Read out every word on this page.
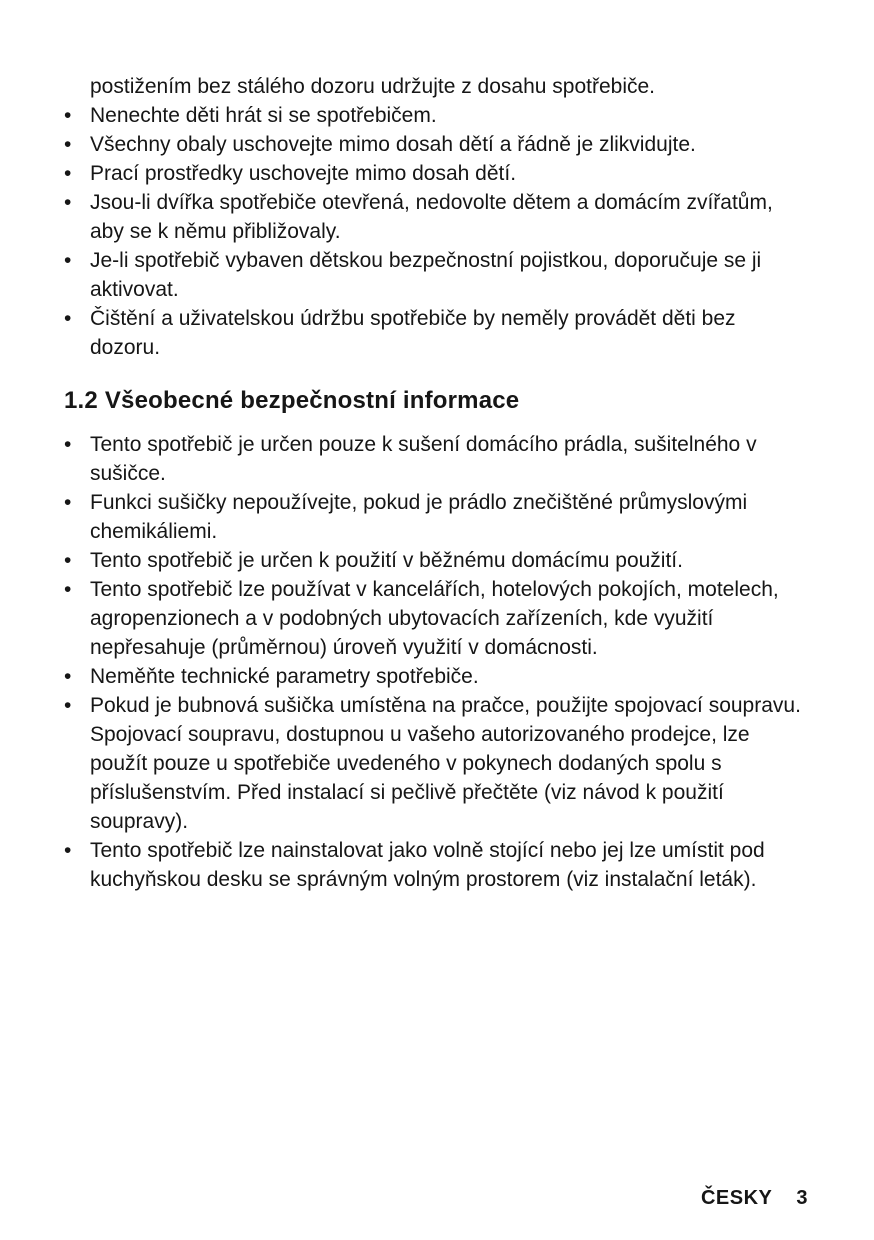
postižením bez stálého dozoru udržujte z dosahu spotřebiče.

• Nenechte děti hrát si se spotřebičem.
• Všechny obaly uschovejte mimo dosah dětí a řádně je zlikvidujte.
• Prací prostředky uschovejte mimo dosah dětí.
• Jsou-li dvířka spotřebiče otevřená, nedovolte dětem a domácím zvířatům, aby se k němu přibližovaly.
• Je-li spotřebič vybaven dětskou bezpečnostní pojistkou, doporučuje se ji aktivovat.
• Čištění a uživatelskou údržbu spotřebiče by neměly provádět děti bez dozoru.
1.2 Všeobecné bezpečnostní informace
• Tento spotřebič je určen pouze k sušení domácího prádla, sušitelného v sušičce.
• Funkci sušičky nepoužívejte, pokud je prádlo znečištěné průmyslovými chemikáliemi.
• Tento spotřebič je určen k použití v běžnému domácímu použití.
• Tento spotřebič lze používat v kancelářích, hotelových pokojích, motelech, agropenzionech a v podobných ubytovacích zařízeních, kde využití nepřesahuje (průměrnou) úroveň využití v domácnosti.
• Neměňte technické parametry spotřebiče.
• Pokud je bubnová sušička umístěna na pračce, použijte spojovací soupravu. Spojovací soupravu, dostupnou u vašeho autorizovaného prodejce, lze použít pouze u spotřebiče uvedeného v pokynech dodaných spolu s příslušenstvím. Před instalací si pečlivě přečtěte (viz návod k použití soupravy).
• Tento spotřebič lze nainstalovat jako volně stojící nebo jej lze umístit pod kuchyňskou desku se správným volným prostorem (viz instalační leták).
ČESKY 3
